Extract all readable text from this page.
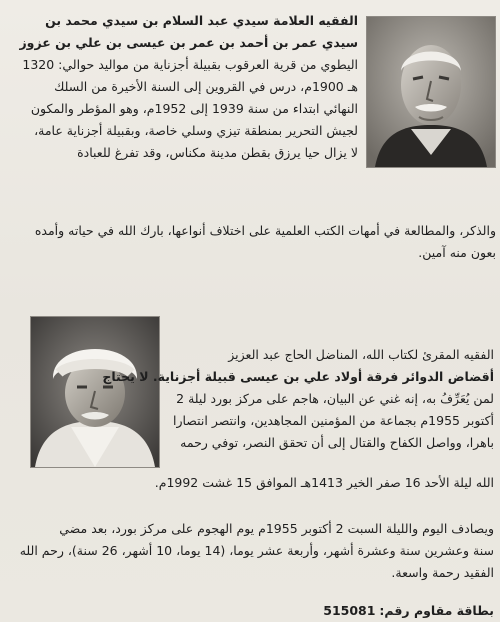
الفقيه العلامة سيدي عبد السلام بن سيدي محمد بن
سيدي عمر بن أحمد بن عمر بن عيسى بن علي بن عزوز
اليطوي من قرية العرقوب بقبيلة أجزناية من مواليد حوالي: 1320
هـ 1900م، درس في القروين إلى السنة الأخيرة من السلك
النهائي ابتداء من سنة 1939 إلى 1952م، وهو المؤطر والمكون
لجيش التحرير بمنطقة تيزي وسلي خاصة، وبقبيلة أجزناية عامة،
لا يزال حيا يرزق بقطن مدينة مكناس، وقد تفرغ للعبادة
والذكر، والمطالعة في أمهات الكتب العلمية على اختلاف أنواعها، بارك الله في حياته وأمده
بعون منه آمين.
الفقيه المقرئ لكتاب الله، المناضل الحاج عبد العزيز
أقضاض الدوائر فرقة أولاد علي بن عيسى قبيلة أجزناية. لا يحتاج
لمن يُعَرِّفُ به، إنه غني عن البيان، هاجم على مركز بورد ليلة 2
أكتوبر 1955م بجماعة من المؤمنين المجاهدين، وانتصر انتصارا
باهرا، وواصل الكفاح والقتال إلى أن تحقق النصر، توفي رحمه
الله ليلة الأحد 16 صفر الخير 1413هـ الموافق 15 غشت 1992م.
ويصادف اليوم والليلة السبت 2 أكتوبر 1955م يوم الهجوم على مركز بورد، بعد مضي
سنة وعشرين سنة وعشرة أشهر، وأربعة عشر يوما، (14 يوما، 10 أشهر، 26 سنة)، رحم الله
الفقيد رحمة واسعة.
بطاقة مقاوم رقم: 515081
